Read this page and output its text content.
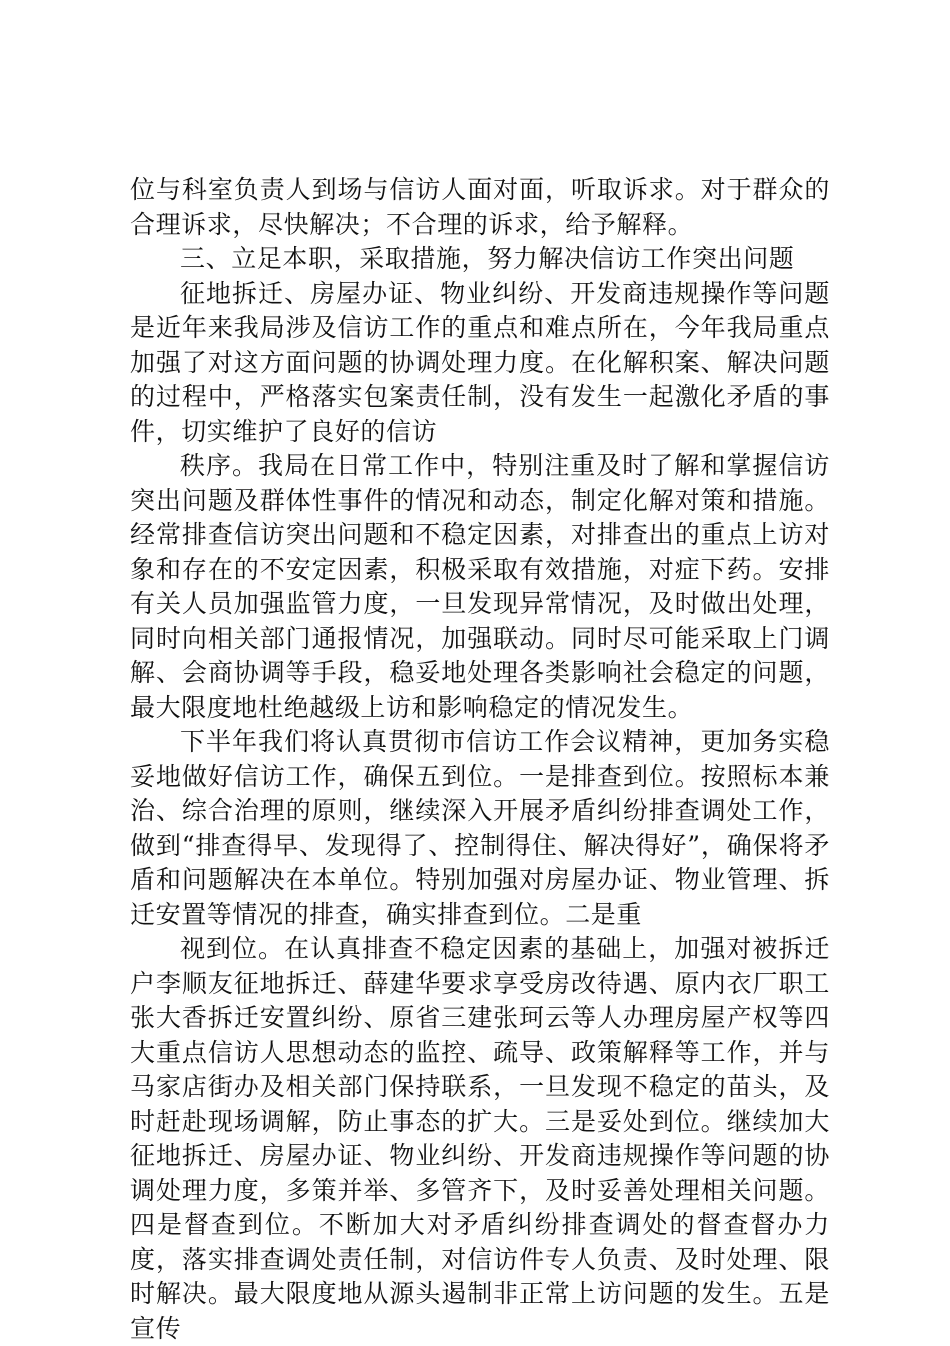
位与科室负责人到场与信访人面对面，听取诉求。对于群众的合理诉求，尽快解决；不合理的诉求，给予解释。

三、立足本职，采取措施，努力解决信访工作突出问题

征地拆迁、房屋办证、物业纠纷、开发商违规操作等问题是近年来我局涉及信访工作的重点和难点所在，今年我局重点加强了对这方面问题的协调处理力度。在化解积案、解决问题的过程中，严格落实包案责任制，没有发生一起激化矛盾的事件，切实维护了良好的信访

秩序。我局在日常工作中，特别注重及时了解和掌握信访突出问题及群体性事件的情况和动态，制定化解对策和措施。经常排查信访突出问题和不稳定因素，对排查出的重点上访对象和存在的不安定因素，积极采取有效措施，对症下药。安排有关人员加强监管力度，一旦发现异常情况，及时做出处理，同时向相关部门通报情况，加强联动。同时尽可能采取上门调解、会商协调等手段，稳妥地处理各类影响社会稳定的问题，最大限度地杜绝越级上访和影响稳定的情况发生。

下半年我们将认真贯彻市信访工作会议精神，更加务实稳妥地做好信访工作，确保五到位。一是排查到位。按照标本兼治、综合治理的原则，继续深入开展矛盾纠纷排查调处工作，做到“排查得早、发现得了、控制得住、解决得好”，确保将矛盾和问题解决在本单位。特别加强对房屋办证、物业管理、拆迁安置等情况的排查，确实排查到位。二是重

视到位。在认真排查不稳定因素的基础上，加强对被拆迁户李顺友征地拆迁、薛建华要求享受房改待遇、原内衣厂职工张大香拆迁安置纠纷、原省三建张珂云等人办理房屋产权等四大重点信访人思想动态的监控、疏导、政策解释等工作，并与马家店街办及相关部门保持联系，一旦发现不稳定的苗头，及时赶赴现场调解，防止事态的扩大。三是妥处到位。继续加大征地拆迁、房屋办证、物业纠纷、开发商违规操作等问题的协调处理力度，多策并举、多管齐下，及时妥善处理相关问题。四是督查到位。不断加大对矛盾纠纷排查调处的督查督办力度，落实排查调处责任制，对信访件专人负责、及时处理、限时解决。最大限度地从源头遏制非正常上访问题的发生。五是宣传
